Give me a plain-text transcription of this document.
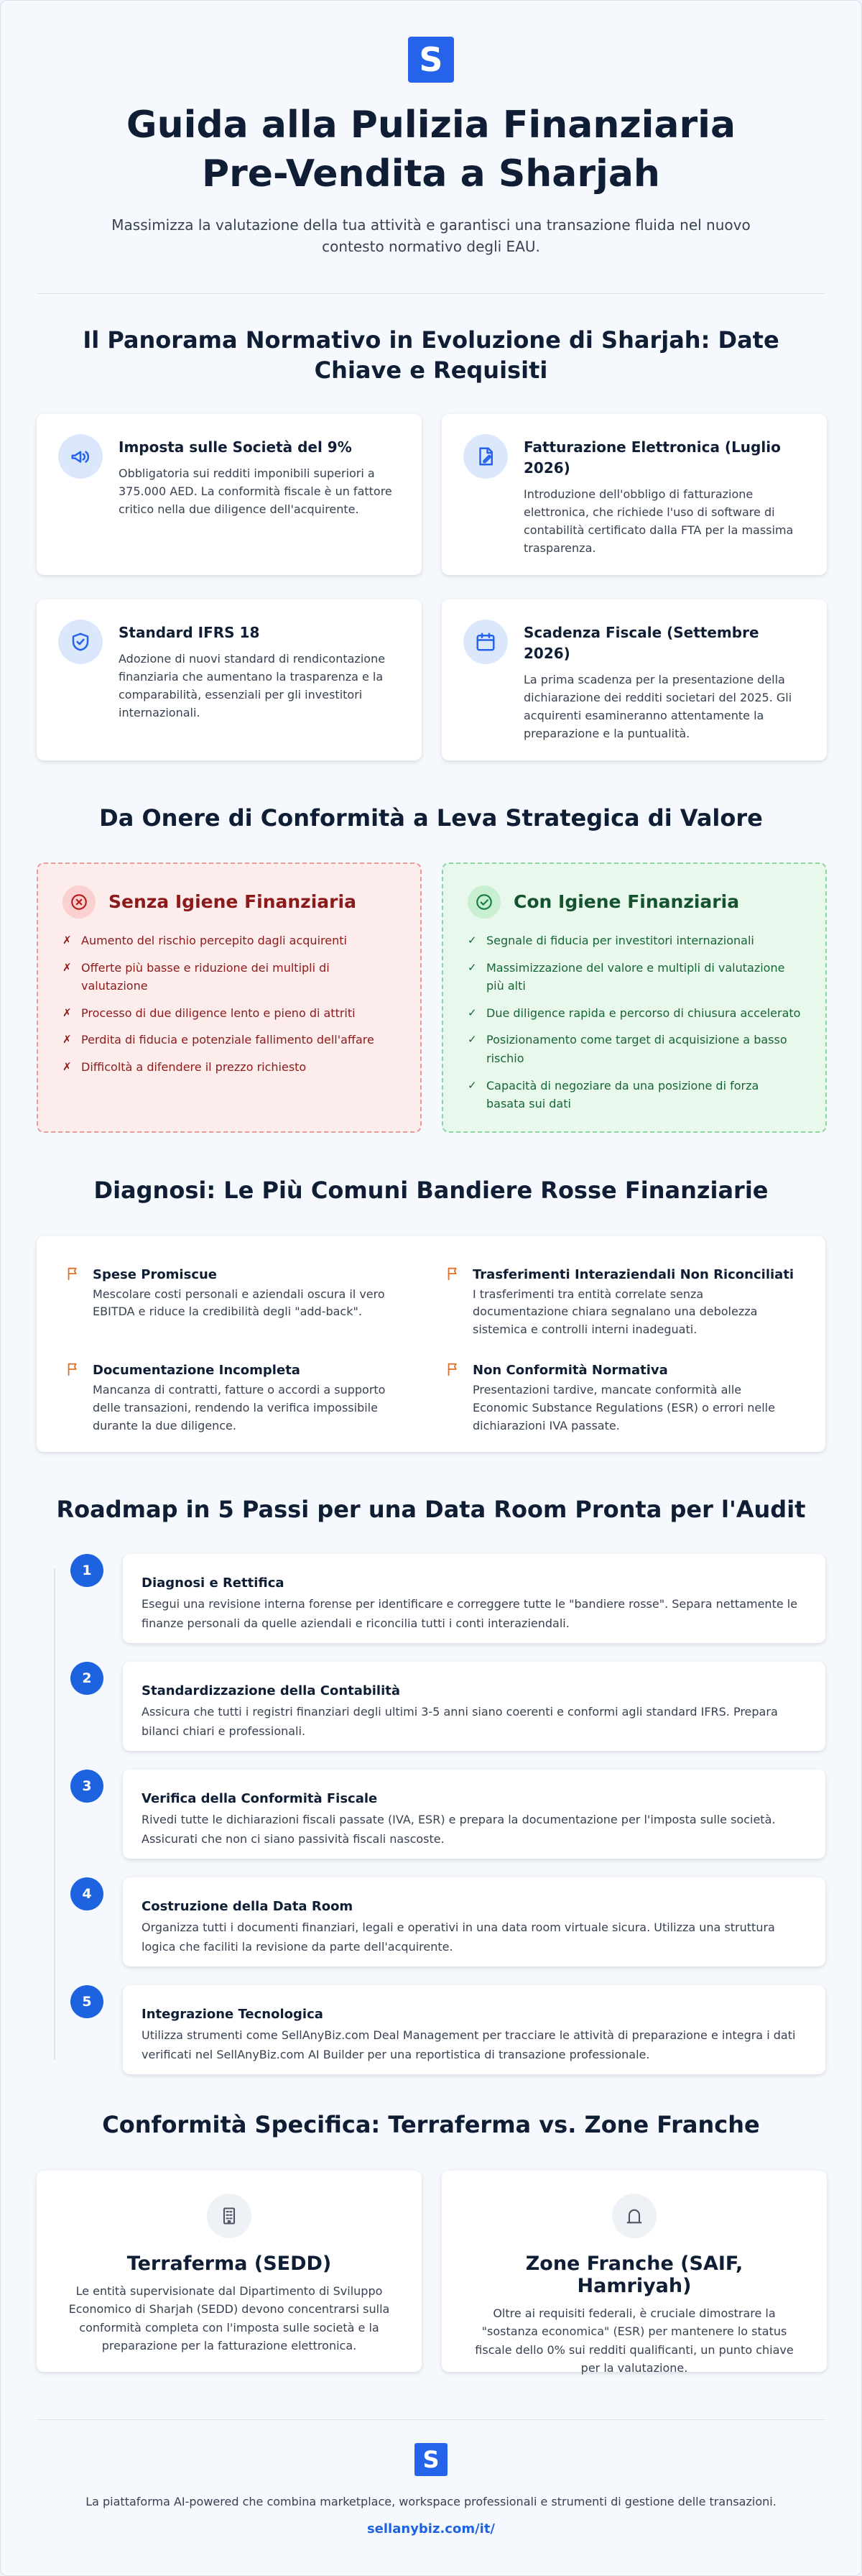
S
Guida alla Pulizia Finanziaria Pre-Vendita a Sharjah

Massimizza la valutazione della tua attività e garantisci una transazione fluida nel nuovo contesto normativo degli EAU.

Il Panorama Normativo in Evoluzione di Sharjah: Date Chiave e Requisiti
Imposta sulle Società del 9%

Obbligatoria sui redditi imponibili superiori a 375.000 AED. La conformità fiscale è un fattore critico nella due diligence dell'acquirente.

Fatturazione Elettronica (Luglio 2026)

Introduzione dell'obbligo di fatturazione elettronica, che richiede l'uso di software di contabilità certificato dalla FTA per la massima trasparenza.

Standard IFRS 18

Adozione di nuovi standard di rendicontazione finanziaria che aumentano la trasparenza e la comparabilità, essenziali per gli investitori internazionali.

Scadenza Fiscale (Settembre 2026)

La prima scadenza per la presentazione della dichiarazione dei redditi societari del 2025. Gli acquirenti esamineranno attentamente la preparazione e la puntualità.

Da Onere di Conformità a Leva Strategica di Valore
Senza Igiene Finanziaria
✗ Aumento del rischio percepito dagli acquirenti
✗ Offerte più basse e riduzione dei multipli di valutazione
✗ Processo di due diligence lento e pieno di attriti
✗ Perdita di fiducia e potenziale fallimento dell'affare
✗ Difficoltà a difendere il prezzo richiesto
Con Igiene Finanziaria
✓ Segnale di fiducia per investitori internazionali
✓ Massimizzazione del valore e multipli di valutazione più alti
✓ Due diligence rapida e percorso di chiusura accelerato
✓ Posizionamento come target di acquisizione a basso rischio
✓ Capacità di negoziare da una posizione di forza basata sui dati
Diagnosi: Le Più Comuni Bandiere Rosse Finanziarie
Spese Promiscue

Mescolare costi personali e aziendali oscura il vero EBITDA e riduce la credibilità degli "add-back".

Trasferimenti Interaziendali Non Riconciliati

I trasferimenti tra entità correlate senza documentazione chiara segnalano una debolezza sistemica e controlli interni inadeguati.

Documentazione Incompleta

Mancanza di contratti, fatture o accordi a supporto delle transazioni, rendendo la verifica impossibile durante la due diligence.

Non Conformità Normativa

Presentazioni tardive, mancate conformità alle Economic Substance Regulations (ESR) o errori nelle dichiarazioni IVA passate.

Roadmap in 5 Passi per una Data Room Pronta per l'Audit
1
Diagnosi e Rettifica

Esegui una revisione interna forense per identificare e correggere tutte le "bandiere rosse". Separa nettamente le finanze personali da quelle aziendali e riconcilia tutti i conti interaziendali.

2
Standardizzazione della Contabilità

Assicura che tutti i registri finanziari degli ultimi 3-5 anni siano coerenti e conformi agli standard IFRS. Prepara bilanci chiari e professionali.

3
Verifica della Conformità Fiscale

Rivedi tutte le dichiarazioni fiscali passate (IVA, ESR) e prepara la documentazione per l'imposta sulle società. Assicurati che non ci siano passività fiscali nascoste.

4
Costruzione della Data Room

Organizza tutti i documenti finanziari, legali e operativi in una data room virtuale sicura. Utilizza una struttura logica che faciliti la revisione da parte dell'acquirente.

5
Integrazione Tecnologica

Utilizza strumenti come SellAnyBiz.com Deal Management per tracciare le attività di preparazione e integra i dati verificati nel SellAnyBiz.com AI Builder per una reportistica di transazione professionale.

Conformità Specifica: Terraferma vs. Zone Franche
Terraferma (SEDD)

Le entità supervisionate dal Dipartimento di Sviluppo Economico di Sharjah (SEDD) devono concentrarsi sulla conformità completa con l'imposta sulle società e la preparazione per la fatturazione elettronica.

Zone Franche (SAIF, Hamriyah)

Oltre ai requisiti federali, è cruciale dimostrare la "sostanza economica" (ESR) per mantenere lo status fiscale dello 0% sui redditi qualificanti, un punto chiave per la valutazione.

S

La piattaforma AI-powered che combina marketplace, workspace professionali e strumenti di gestione delle transazioni.

sellanybiz.com/it/
